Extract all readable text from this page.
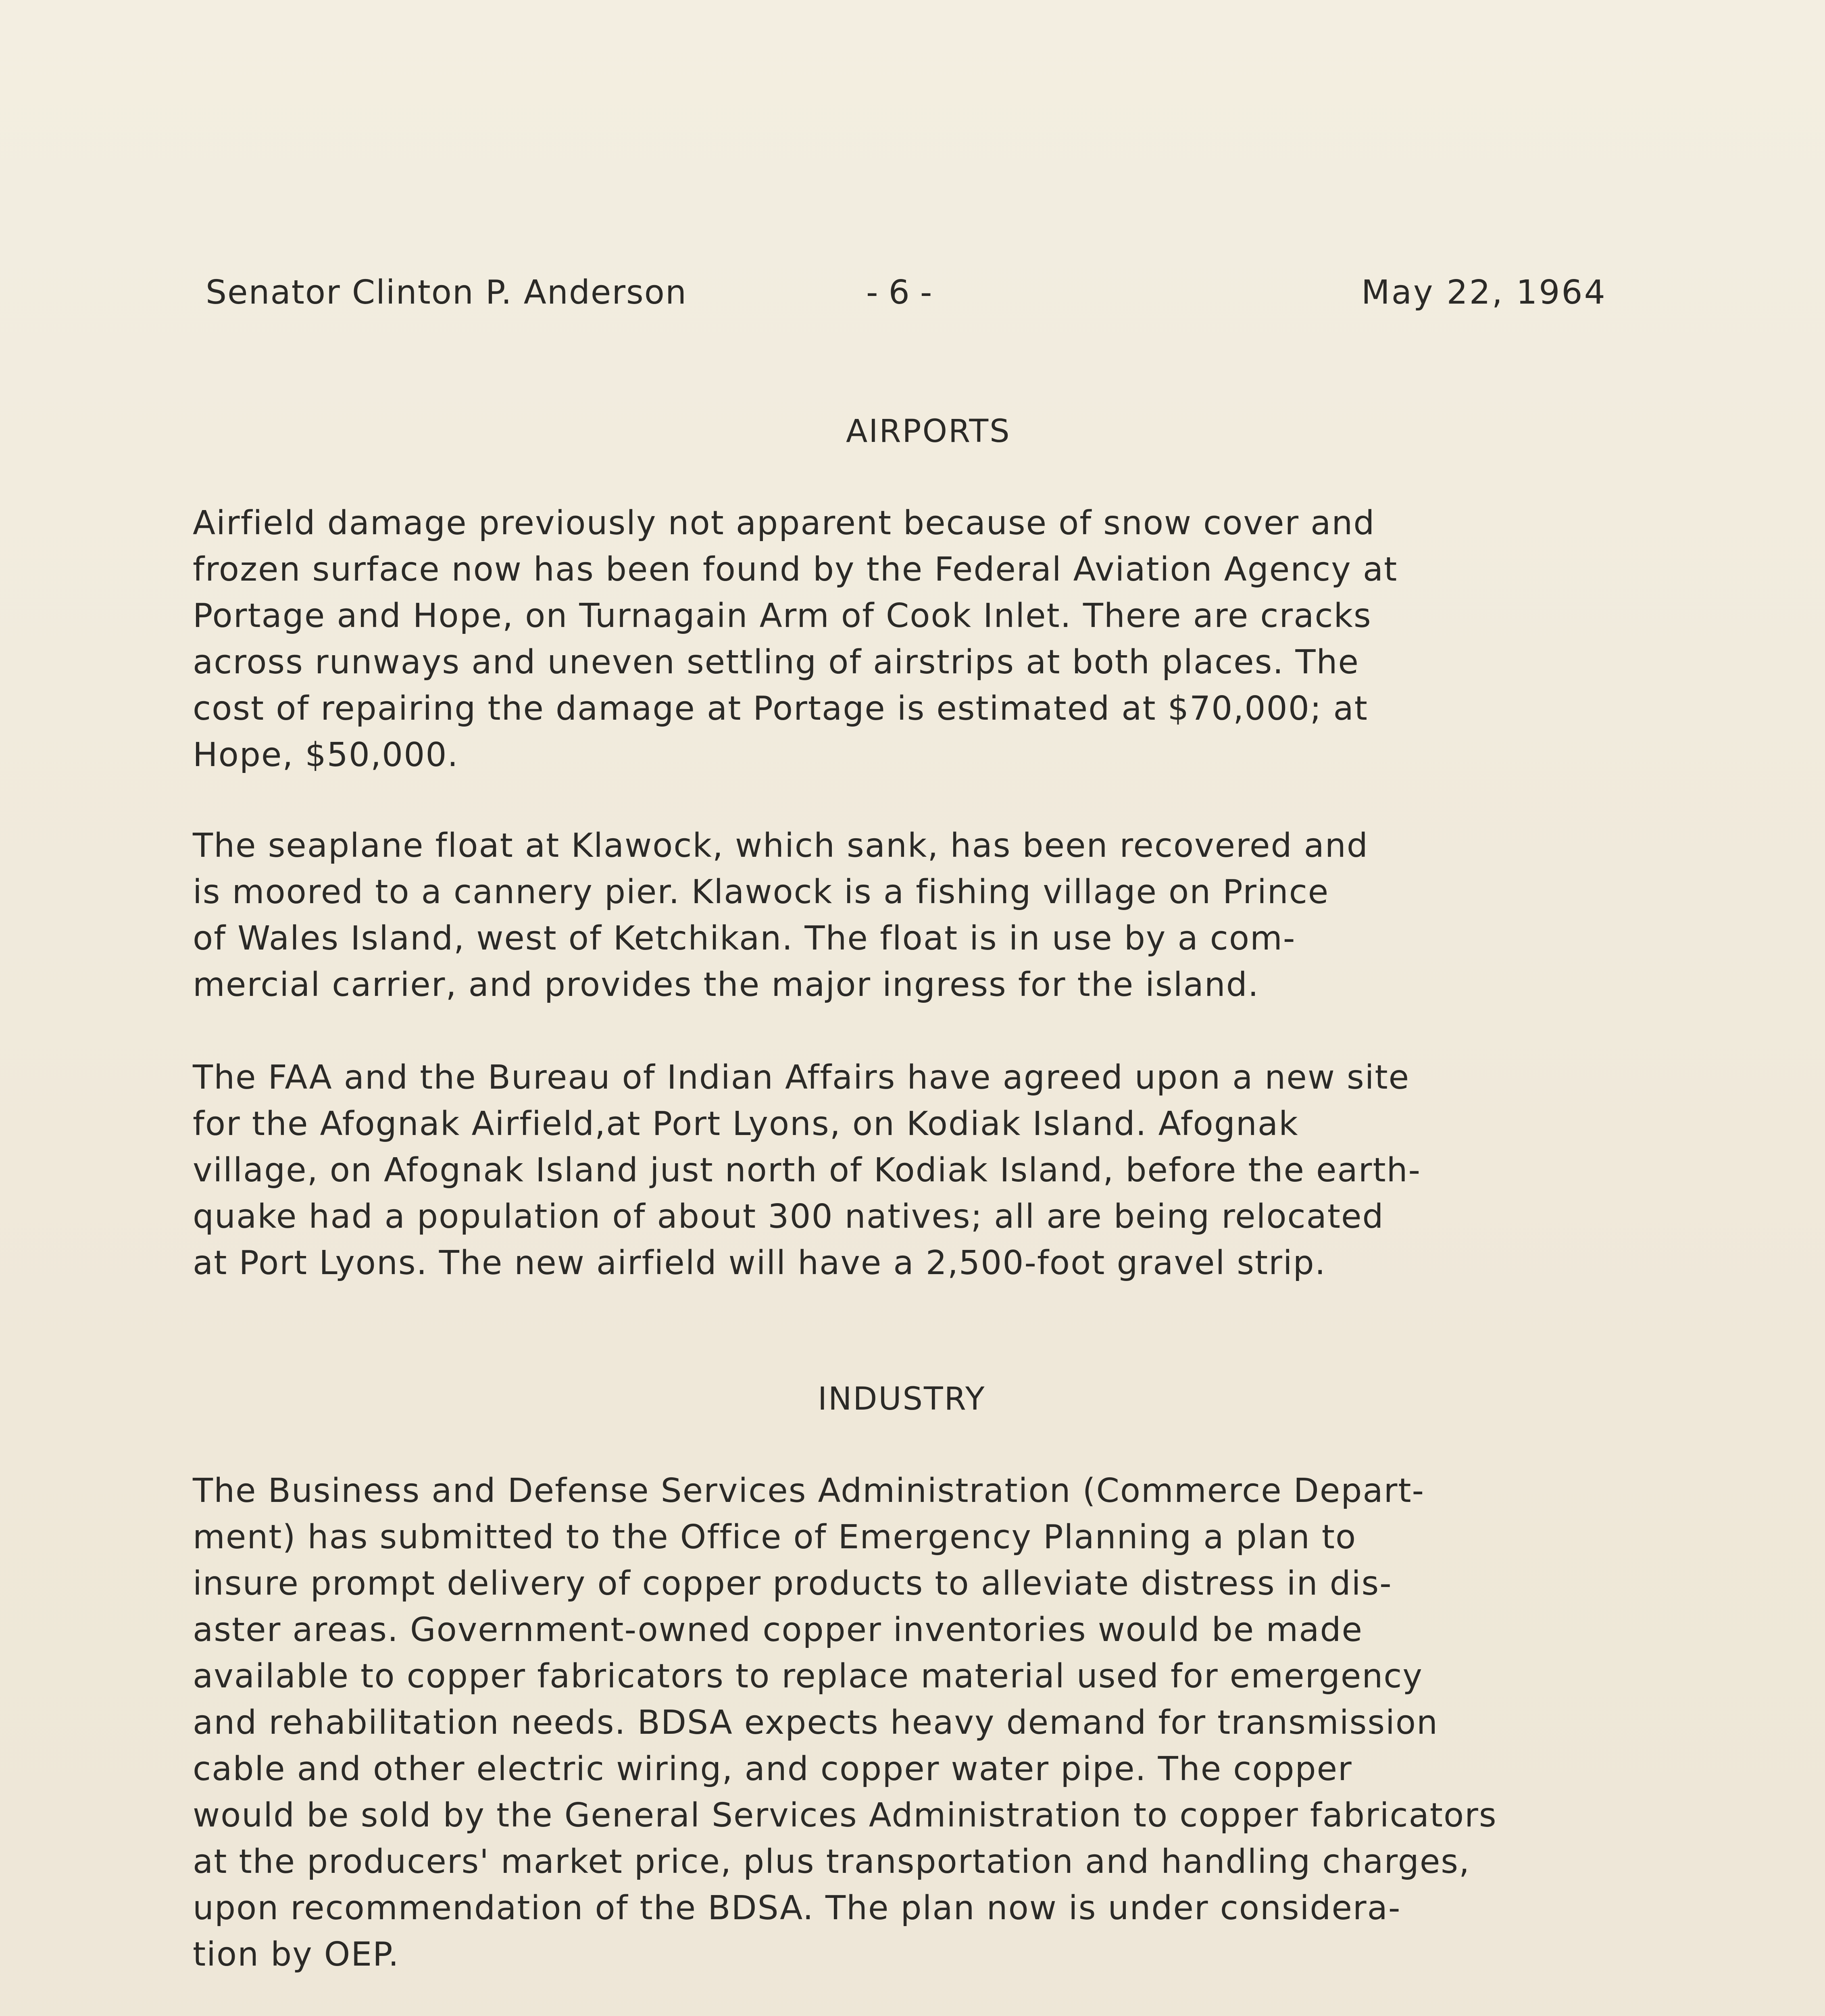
Senator Clinton P. Anderson	- 6 -	May 22, 1964
AIRPORTS
Airfield damage previously not apparent because of snow cover and
frozen surface now has been found by the Federal Aviation Agency at
Portage and Hope, on Turnagain Arm of Cook Inlet. There are cracks
across runways and uneven settling of airstrips at both places. The
cost of repairing the damage at Portage is estimated at $70,000; at
Hope, $50,000.
The seaplane float at Klawock, which sank, has been recovered and
is moored to a cannery pier. Klawock is a fishing village on Prince
of Wales Island, west of Ketchikan. The float is in use by a com-
mercial carrier, and provides the major ingress for the island.
The FAA and the Bureau of Indian Affairs have agreed upon a new site
for the Afognak Airfield,at Port Lyons, on Kodiak Island. Afognak
village, on Afognak Island just north of Kodiak Island, before the earth-
quake had a population of about 300 natives; all are being relocated
at Port Lyons. The new airfield will have a 2,500-foot gravel strip.
INDUSTRY
The Business and Defense Services Administration (Commerce Depart-
ment) has submitted to the Office of Emergency Planning a plan to
insure prompt delivery of copper products to alleviate distress in dis-
aster areas. Government-owned copper inventories would be made
available to copper fabricators to replace material used for emergency
and rehabilitation needs. BDSA expects heavy demand for transmission
cable and other electric wiring, and copper water pipe. The copper
would be sold by the General Services Administration to copper fabricators
at the producers' market price, plus transportation and handling charges,
upon recommendation of the BDSA. The plan now is under considera-
tion by OEP.
